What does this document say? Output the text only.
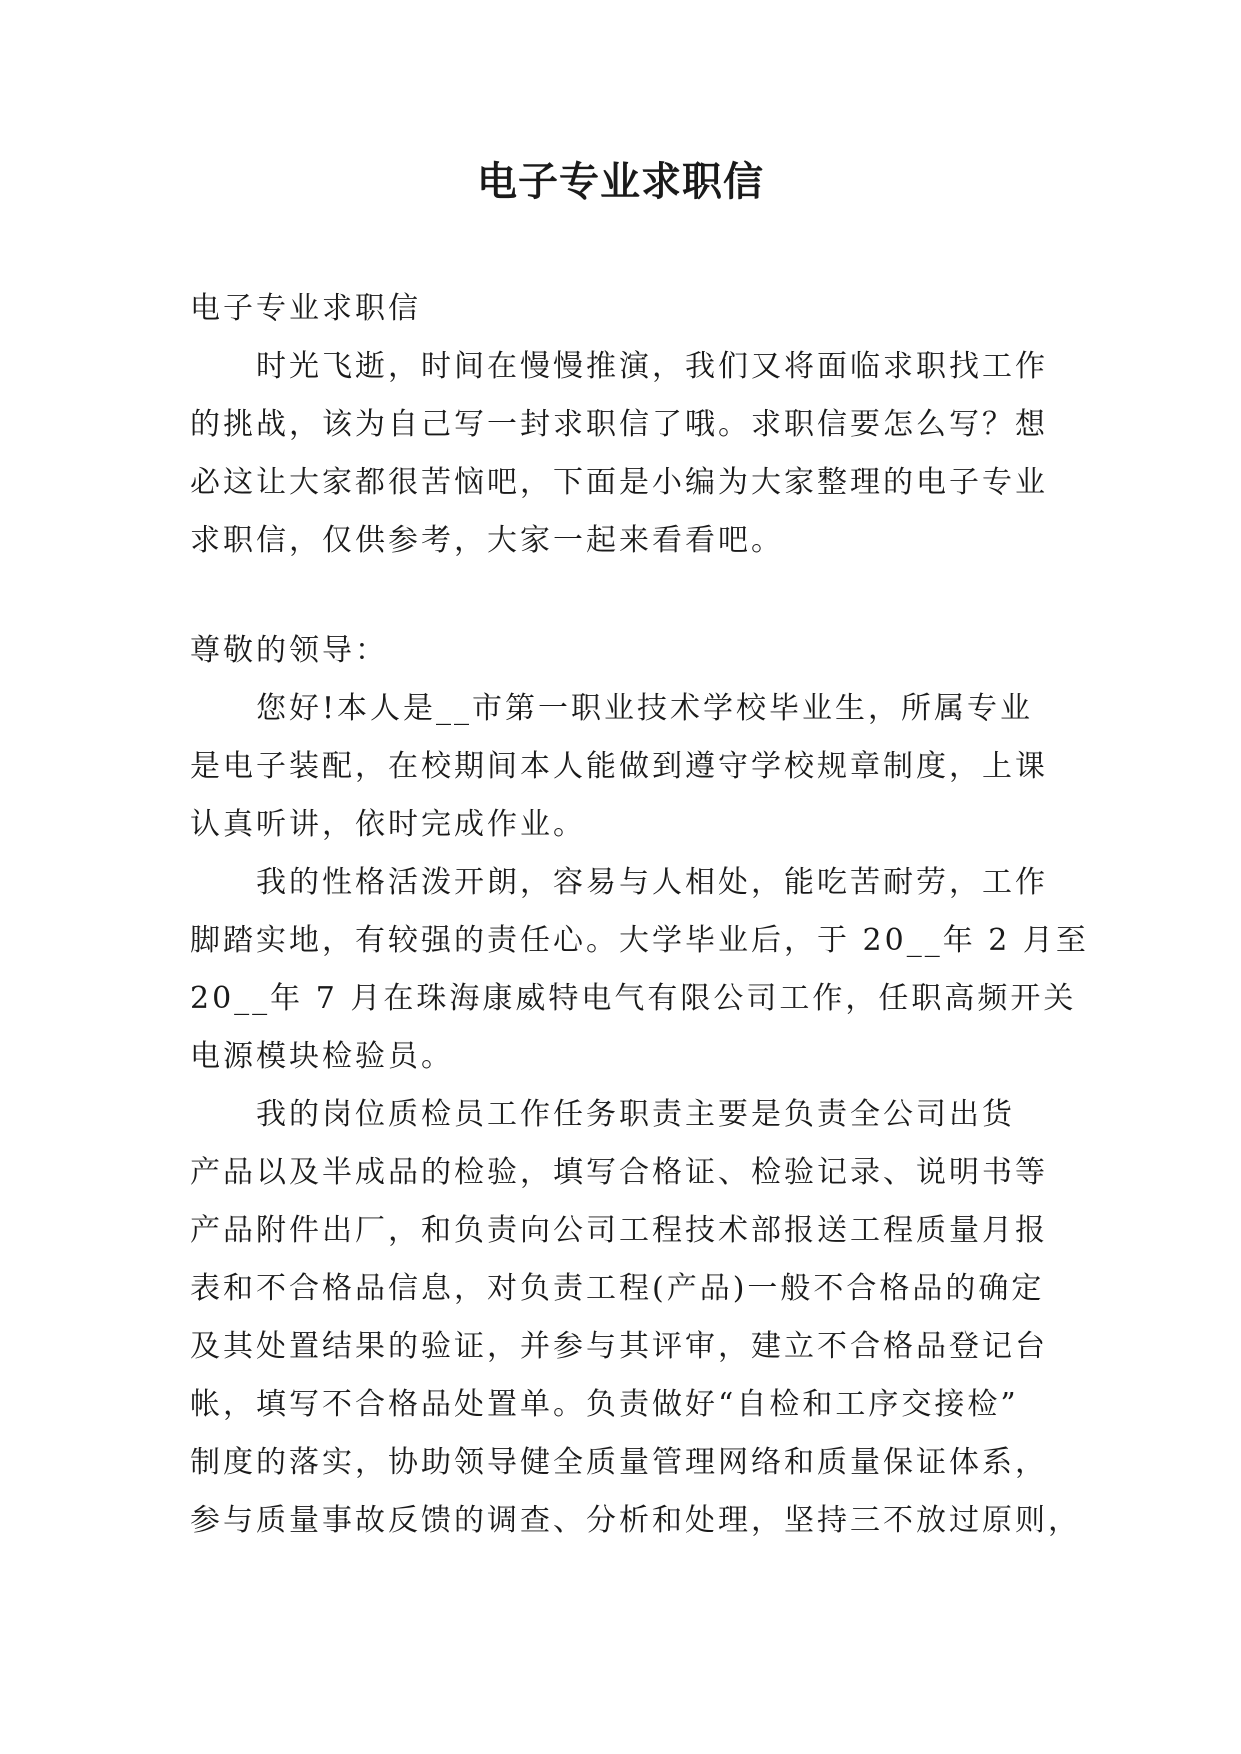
电子专业求职信
电子专业求职信
时光飞逝，时间在慢慢推演，我们又将面临求职找工作
的挑战，该为自己写一封求职信了哦。求职信要怎么写？想
必这让大家都很苦恼吧，下面是小编为大家整理的电子专业
求职信，仅供参考，大家一起来看看吧。
尊敬的领导：
您好!本人是__市第一职业技术学校毕业生，所属专业
是电子装配，在校期间本人能做到遵守学校规章制度，上课
认真听讲，依时完成作业。
我的性格活泼开朗，容易与人相处，能吃苦耐劳，工作
脚踏实地，有较强的责任心。大学毕业后，于 20__年 2 月至
20__年 7 月在珠海康威特电气有限公司工作，任职高频开关
电源模块检验员。
我的岗位质检员工作任务职责主要是负责全公司出货
产品以及半成品的检验，填写合格证、检验记录、说明书等
产品附件出厂，和负责向公司工程技术部报送工程质量月报
表和不合格品信息，对负责工程(产品)一般不合格品的确定
及其处置结果的验证，并参与其评审，建立不合格品登记台
帐，填写不合格品处置单。负责做好“自检和工序交接检”
制度的落实，协助领导健全质量管理网络和质量保证体系，
参与质量事故反馈的调查、分析和处理，坚持三不放过原则，
